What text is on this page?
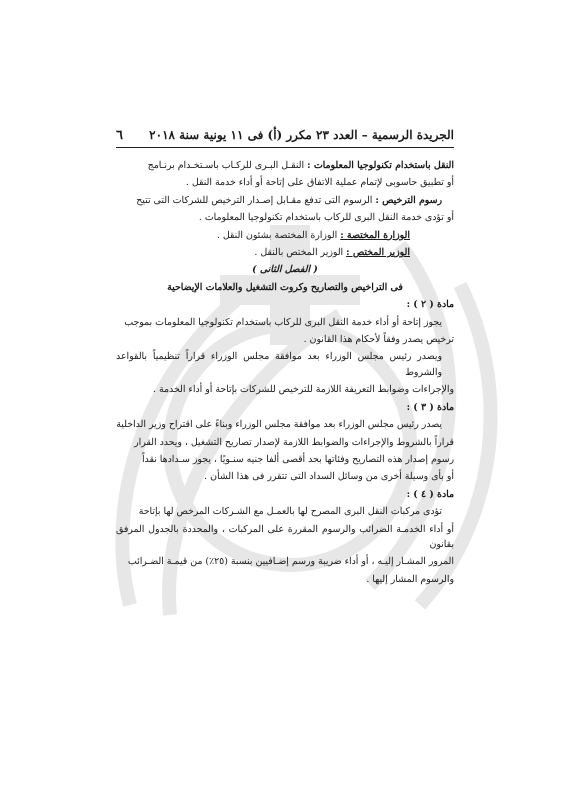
الجريدة الرسمية – العدد ٢٣ مكرر (أ) فى ١١ يونية سنة ٢٠١٨
٦

النقل باستخدام تكنولوجيا المعلومات : النقـل البـرى للركـاب باسـتخـدام برنـامج

أو تطبيق حاسوبى لإتمام عملية الاتفاق على إتاحة أو أداء خدمة النقل .

رسوم الترخيص : الرسوم التى تدفع مقـابل إصـدار الترخيص للشركات التى تتيح

أو تؤدى خدمة النقل البرى للركاب باستخدام تكنولوجيا المعلومات .

الوزارة المختصة : الوزارة المختصة بشئون النقل .

الوزير المختص : الوزير المختص بالنقل .

( الفصل الثانى )

فى التراخيص والتصاريح وكروت التشغيل والعلامات الإيضاحية

مادة ( ٢ ) :

يجوز إتاحة أو أداء خدمة النقل البرى للركاب باستخدام تكنولوجيا المعلومات بموجب

ترخيص يصدر وفقاً لأحكام هذا القانون .

ويصدر رئيس مجلس الوزراء بعد موافقة مجلس الوزراء قراراً تنظيمياً بالقواعد والشروط

والإجراءات وضوابط التعريفة اللازمة للترخيص للشركات بإتاحة أو أداء الخدمة .

مادة ( ٣ ) :

يصدر رئيس مجلس الوزراء بعد موافقة مجلس الوزراء وبناءً على اقتراح وزير الداخلية

قراراً بالشروط والإجراءات والضوابط اللازمة لإصدار تصاريح التشغيل ، ويحدد القرار

رسوم إصدار هذه التصاريح وفئاتها بحد أقصى ألفا جنيه سنـويًا ، يجوز سـدادها نقداً

أو بأى وسيلة أخرى من وسائل السداد التى تتقرر فى هذا الشأن .

مادة ( ٤ ) :

تؤدى مركبات النقل البرى المصرح لها بالعمـل مع الشـركات المرخص لها بإتاحة

أو أداء الخدمـة الضرائب والرسوم المقررة على المركبات ، والمحددة بالجدول المرفق بقانون

المرور المشـار إليـه ، أو أداء ضريبة ورسم إضـافيين بنسبة (٢٥٪) من قيمـة الضـرائب

والرسوم المشار إليها .
